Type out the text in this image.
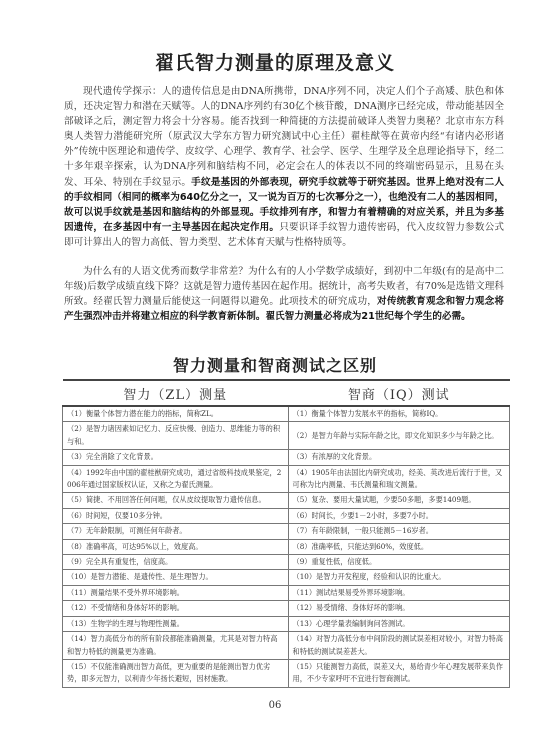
翟氏智力测量的原理及意义
现代遗传学探示：人的遗传信息是由DNA所携带，DNA序列不同，决定人们个子高矮、肤色和体质，还决定智力和潜在天赋等。人的DNA序列约有30亿个核苷酸，DNA测序已经完成，带动能基因全部破译之后，测定智力将会十分容易。能否找到一种简捷的方法提前破译人类智力奥秘？北京市东方科奥人类智力潜能研究所（原武汉大学东方智力研究测试中心主任）翟桂猷等在黄帝内经“有诸内必形诸外”传统中医理论和遗传学、皮纹学、心理学、教育学、社会学、医学、生理学及全息理论指导下，经二十多年艰辛探索，认为DNA序列和脑结构不同，必定会在人的体表以不同的终端密码显示，且易在头发、耳朵、特别在手纹显示。手纹是基因的外部表现，研究手纹就等于研究基因。世界上绝对没有二人的手纹相同（相同的概率为640亿分之一，又一说为百万的七次幂分之一），也绝没有二人的基因相同，故可以说手纹就是基因和脑结构的外部显现。手纹排列有序，和智力有着精确的对应关系，并且为多基因遗传，在多基因中有一主导基因在起决定作用。只要识译手纹智力遗传密码，代入皮纹智力参数公式即可计算出人的智力高低、智力类型、艺术体育天赋与性格特质等。
为什么有的人语文优秀而数学非常差？为什么有的人小学数学成绩好，到初中二年级(有的是高中二年级)后数学成绩直线下降？这就是智力遗传基因在起作用。据统计，高考失败者，有70%是选错文理科所致。经翟氏智力测量后能使这一问题得以避免。此项技术的研究成功，对传统教育观念和智力观念将产生强烈冲击并将建立相应的科学教育新体制。翟氏智力测量必将成为21世纪每个学生的必需。
智力测量和智商测试之区别
智力（ZL）测量	智商（IQ）测试
（1）衡量个体智力潜在能力的指标，简称ZL。	（1）衡量个体智力发展水平的指标，简称IQ。
（2）是智力诸因素如记忆力、反应快慢、创造力、思维能力等的积与和。	（2）是智力年龄与实际年龄之比，即文化知识多少与年龄之比。
（3）完全消除了文化背景。	（3）有浓厚的文化背景。
（4）1992年由中国的翟桂猷研究成功，通过省级科技成果鉴定，2006年通过国家版权认证，又称之为翟氏测量。	（4）1905年由法国比内研究成功，经美、英改进后流行于世，又可称为比内测量、韦氏测量和瑞文测量。
（5）简捷、不用回答任何问题，仅从皮纹提取智力遗传信息。	（5）复杂、要用大量试题，少要50多题，多要1409题。
（6）时间短，仅要10多分钟。	（6）时间长，少要1－2小时，多要7小时。
（7）无年龄限制，可测任何年龄者。	（7）有年龄限制，一般只能测5－16岁者。
（8）准确率高，可达95%以上，效度高。	（8）准确率低，只能达到60%，效度低。
（9）完全具有重复性，信度高。	（9）重复性低，信度低。
（10）是智力潜能、是遗传性、是生理智力。	（10）是智力开发程度，经验和认识的比重大。
（11）测量结果不受外界环境影响。	（11）测试结果易受外界环境影响。
（12）不受情绪和身体好坏的影响。	（12）易受情绪、身体好坏的影响。
（13）生物学的生理与物理性测量。	（13）心理学量表编制询问答测试。
（14）智力高低分布的所有阶段都能准确测量，尤其是对智力特高和智力特低的测量更为准确。	（14）对智力高低分布中间阶段的测试误差相对较小，对智力特高和特低的测试误差甚大。
（15）不仅能准确测出智力高低，更为重要的是能测出智力优劣势，即多元智力，以利青少年扬长避短，因材施教。	（15）只能测智力高低，误差又大，易给青少年心理发展带来负作用，不少专家呼吁不宜进行智商测试。
06
